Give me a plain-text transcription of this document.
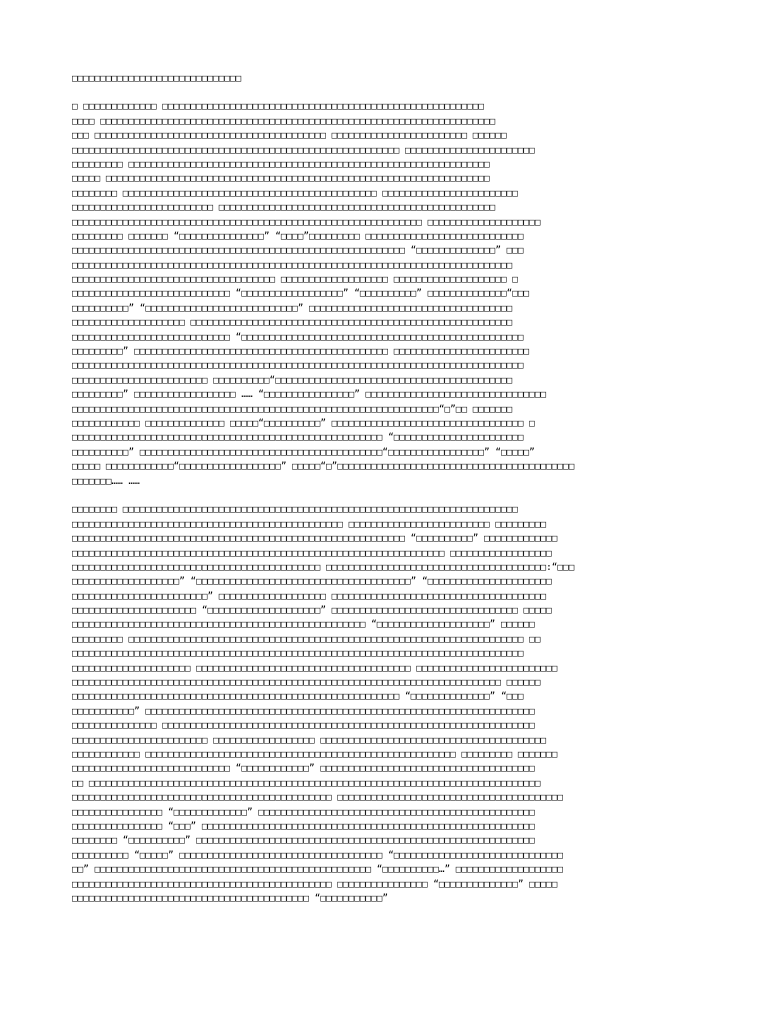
□□□□□□□□□□□□□□□□□□□□□□□□□□□□□□
□ □□□□□□□□□□□□□ □□□□□□□□□□□□□□□□□□□□□□□□□□□□□□□□□□□□□□□□□□□□□□□□□□□□□□□□□
□□□□ □□□□□□□□□□□□□□□□□□□□□□□□□□□□□□□□□□□□□□□□□□□□□□□□□□□□□□□□□□□□□□□□□□□□□□
□□□ □□□□□□□□□□□□□□□□□□□□□□□□□□□□□□□□□□□□□□□□□ □□□□□□□□□□□□□□□□□□□□□□□□ □□□□□□
□□□□□□□□□□□□□□□□□□□□□□□□□□□□□□□□□□□□□□□□□□□□□□□□□□□□□□□□□□ □□□□□□□□□□□□□□□□□□□□□□□
□□□□□□□□□ □□□□□□□□□□□□□□□□□□□□□□□□□□□□□□□□□□□□□□□□□□□□□□□□□□□□□□□□□□□□□□□□
□□□□□ □□□□□□□□□□□□□□□□□□□□□□□□□□□□□□□□□□□□□□□□□□□□□□□□□□□□□□□□□□□□□□□□□□□□
□□□□□□□□ □□□□□□□□□□□□□□□□□□□□□□□□□□□□□□□□□□□□□□□□□□□□□ □□□□□□□□□□□□□□□□□□□□□□□□
□□□□□□□□□□□□□□□□□□□□□□□□□ □□□□□□□□□□□□□□□□□□□□□□□□□□□□□□□□□□□□□□□□□□□□□□□□□
□□□□□□□□□□□□□□□□□□□□□□□□□□□□□□□□□□□□□□□□□□□□□□□□□□□□□□□□□□□□□□ □□□□□□□□□□□□□□□□□□□□
□□□□□□□□□ □□□□□□□ “□□□□□□□□□□□□□□□” “□□□□”□□□□□□□□□ □□□□□□□□□□□□□□□□□□□□□□□□□□□□
□□□□□□□□□□□□□□□□□□□□□□□□□□□□□□□□□□□□□□□□□□□□□□□□□□□□□□□□□□□ “□□□□□□□□□□□□□□” □□□
□□□□□□□□□□□□□□□□□□□□□□□□□□□□□□□□□□□□□□□□□□□□□□□□□□□□□□□□□□□□□□□□□□□□□□□□□□□□□□
□□□□□□□□□□□□□□□□□□□□□□□□□□□□□□□□□□□□ □□□□□□□□□□□□□□□□□□□ □□□□□□□□□□□□□□□□□□□□ □
□□□□□□□□□□□□□□□□□□□□□□□□□□□□ “□□□□□□□□□□□□□□□□□□” “□□□□□□□□□□” □□□□□□□□□□□□□□“□□□
□□□□□□□□□□” “□□□□□□□□□□□□□□□□□□□□□□□□□□□” □□□□□□□□□□□□□□□□□□□□□□□□□□□□□□□□□□□□
□□□□□□□□□□□□□□□□□□□□ □□□□□□□□□□□□□□□□□□□□□□□□□□□□□□□□□□□□□□□□□□□□□□□□□□□□□□□□□
□□□□□□□□□□□□□□□□□□□□□□□□□□□□ “□□□□□□□□□□□□□□□□□□□□□□□□□□□□□□□□□□□□□□□□□□□□□□□□□□
□□□□□□□□□” □□□□□□□□□□□□□□□□□□□□□□□□□□□□□□□□□□□□□□□□□□□□□ □□□□□□□□□□□□□□□□□□□□□□□□
□□□□□□□□□□□□□□□□□□□□□□□□□□□□□□□□□□□□□□□□□□□□□□□□□□□□□□□□□□□□□□□□□□□□□□□□□□□□□□□□
□□□□□□□□□□□□□□□□□□□□□□□□ □□□□□□□□□□“□□□□□□□□□□□□□□□□□□□□□□□□□□□□□□□□□□□□□□□□□□
□□□□□□□□□” □□□□□□□□□□□□□□□□□□ …… “□□□□□□□□□□□□□□□□” □□□□□□□□□□□□□□□□□□□□□□□□□□□□□□□□
□□□□□□□□□□□□□□□□□□□□□□□□□□□□□□□□□□□□□□□□□□□□□□□□□□□□□□□□□□□□□□□□□“□”□□ □□□□□□□
□□□□□□□□□□□□ □□□□□□□□□□□□□□ □□□□□“□□□□□□□□□□” □□□□□□□□□□□□□□□□□□□□□□□□□□□□□□□□□□ □
□□□□□□□□□□□□□□□□□□□□□□□□□□□□□□□□□□□□□□□□□□□□□□□□□□□□□□□ “□□□□□□□□□□□□□□□□□□□□□□□
□□□□□□□□□□” □□□□□□□□□□□□□□□□□□□□□□□□□□□□□□□□□□□□□□□□□□□“□□□□□□□□□□□□□□□□□” “□□□□□”
□□□□□ □□□□□□□□□□□□“□□□□□□□□□□□□□□□□□□” □□□□□“□”□□□□□□□□□□□□□□□□□□□□□□□□□□□□□□□□□□□□□□□□□□
□□□□□□□…… ……
□□□□□□□□ □□□□□□□□□□□□□□□□□□□□□□□□□□□□□□□□□□□□□□□□□□□□□□□□□□□□□□□□□□□□□□□□□□□□□□
□□□□□□□□□□□□□□□□□□□□□□□□□□□□□□□□□□□□□□□□□□□□□□□□ □□□□□□□□□□□□□□□□□□□□□□□□□ □□□□□□□□□
□□□□□□□□□□□□□□□□□□□□□□□□□□□□□□□□□□□□□□□□□□□□□□□□□□□□□□□□□□□ “□□□□□□□□□□” □□□□□□□□□□□□□
□□□□□□□□□□□□□□□□□□□□□□□□□□□□□□□□□□□□□□□□□□□□□□□□□□□□□□□□□□□□□□□□□□ □□□□□□□□□□□□□□□□□□
□□□□□□□□□□□□□□□□□□□□□□□□□□□□□□□□□□□□□□□□□□□□ □□□□□□□□□□□□□□□□□□□□□□□□□□□□□□□□□□□□□□□:“□□□
□□□□□□□□□□□□□□□□□□□” “□□□□□□□□□□□□□□□□□□□□□□□□□□□□□□□□□□□□□□” “□□□□□□□□□□□□□□□□□□□□□□
□□□□□□□□□□□□□□□□□□□□□□□□” □□□□□□□□□□□□□□□□□□□ □□□□□□□□□□□□□□□□□□□□□□□□□□□□□□□□□□□□□□
□□□□□□□□□□□□□□□□□□□□□□ “□□□□□□□□□□□□□□□□□□□□” □□□□□□□□□□□□□□□□□□□□□□□□□□□□□□□□□ □□□□□
□□□□□□□□□□□□□□□□□□□□□□□□□□□□□□□□□□□□□□□□□□□□□□□□□□□□ “□□□□□□□□□□□□□□□□□□□□” □□□□□□
□□□□□□□□□ □□□□□□□□□□□□□□□□□□□□□□□□□□□□□□□□□□□□□□□□□□□□□□□□□□□□□□□□□□□□□□□□□□□□□□ □□
□□□□□□□□□□□□□□□□□□□□□□□□□□□□□□□□□□□□□□□□□□□□□□□□□□□□□□□□□□□□□□□□□□□□□□□□□□□□□□□□
□□□□□□□□□□□□□□□□□□□□□ □□□□□□□□□□□□□□□□□□□□□□□□□□□□□□□□□□□□□□ □□□□□□□□□□□□□□□□□□□□□□□□□
□□□□□□□□□□□□□□□□□□□□□□□□□□□□□□□□□□□□□□□□□□□□□□□□□□□□□□□□□□□□□□□□□□□□□□□□□□□□ □□□□□□
□□□□□□□□□□□□□□□□□□□□□□□□□□□□□□□□□□□□□□□□□□□□□□□□□□□□□□□□□□ “□□□□□□□□□□□□□□” “□□□
□□□□□□□□□□□” □□□□□□□□□□□□□□□□□□□□□□□□□□□□□□□□□□□□□□□□□□□□□□□□□□□□□□□□□□□□□□□□□□□□□
□□□□□□□□□□□□□□□ □□□□□□□□□□□□□□□□□□□□□□□□□□□□□□□□□□□□□□□□□□□□□□□□□□□□□□□□□□□□□□□□□□
□□□□□□□□□□□□□□□□□□□□□□□□ □□□□□□□□□□□□□□□□□□ □□□□□□□□□□□□□□□□□□□□□□□□□□□□□□□□□□□□□□□□
□□□□□□□□□□□□ □□□□□□□□□□□□□□□□□□□□□□□□□□□□□□□□□□□□□□□□□□□□□□□□□□□□□□□ □□□□□□□□□ □□□□□□□
□□□□□□□□□□□□□□□□□□□□□□□□□□□□ “□□□□□□□□□□□□” □□□□□□□□□□□□□□□□□□□□□□□□□□□□□□□□□□□□□□
□□ □□□□□□□□□□□□□□□□□□□□□□□□□□□□□□□□□□□□□□□□□□□□□□□□□□□□□□□□□□□□□□□□□□□□□□□□□□□□□□□□
□□□□□□□□□□□□□□□□□□□□□□□□□□□□□□□□□□□□□□□□□□□□□□ □□□□□□□□□□□□□□□□□□□□□□□□□□□□□□□□□□□□□□□□
□□□□□□□□□□□□□□□□ “□□□□□□□□□□□□□” □□□□□□□□□□□□□□□□□□□□□□□□□□□□□□□□□□□□□□□□□□□□□□□□□
□□□□□□□□□□□□□□□□ “□□□” □□□□□□□□□□□□□□□□□□□□□□□□□□□□□□□□□□□□□□□□□□□□□□□□□□□□□□□□□□□
□□□□□□□□ “□□□□□□□□□□” □□□□□□□□□□□□□□□□□□□□□□□□□□□□□□□□□□□□□□□□□□□□□□□□□□□□□□□□□□□□
□□□□□□□□□□ “□□□□□” □□□□□□□□□□□□□□□□□□□□□□□□□□□□□□□□□□□□ “□□□□□□□□□□□□□□□□□□□□□□□□□□□□□□
□□” □□□□□□□□□□□□□□□□□□□□□□□□□□□□□□□□□□□□□□□□□□□□□□□□□ “□□□□□□□□□□…” □□□□□□□□□□□□□□□□□□□
□□□□□□□□□□□□□□□□□□□□□□□□□□□□□□□□□□□□□□□□□□□□□□ □□□□□□□□□□□□□□□□ “□□□□□□□□□□□□□□” □□□□□
□□□□□□□□□□□□□□□□□□□□□□□□□□□□□□□□□□□□□□□□□□ “□□□□□□□□□□□”
